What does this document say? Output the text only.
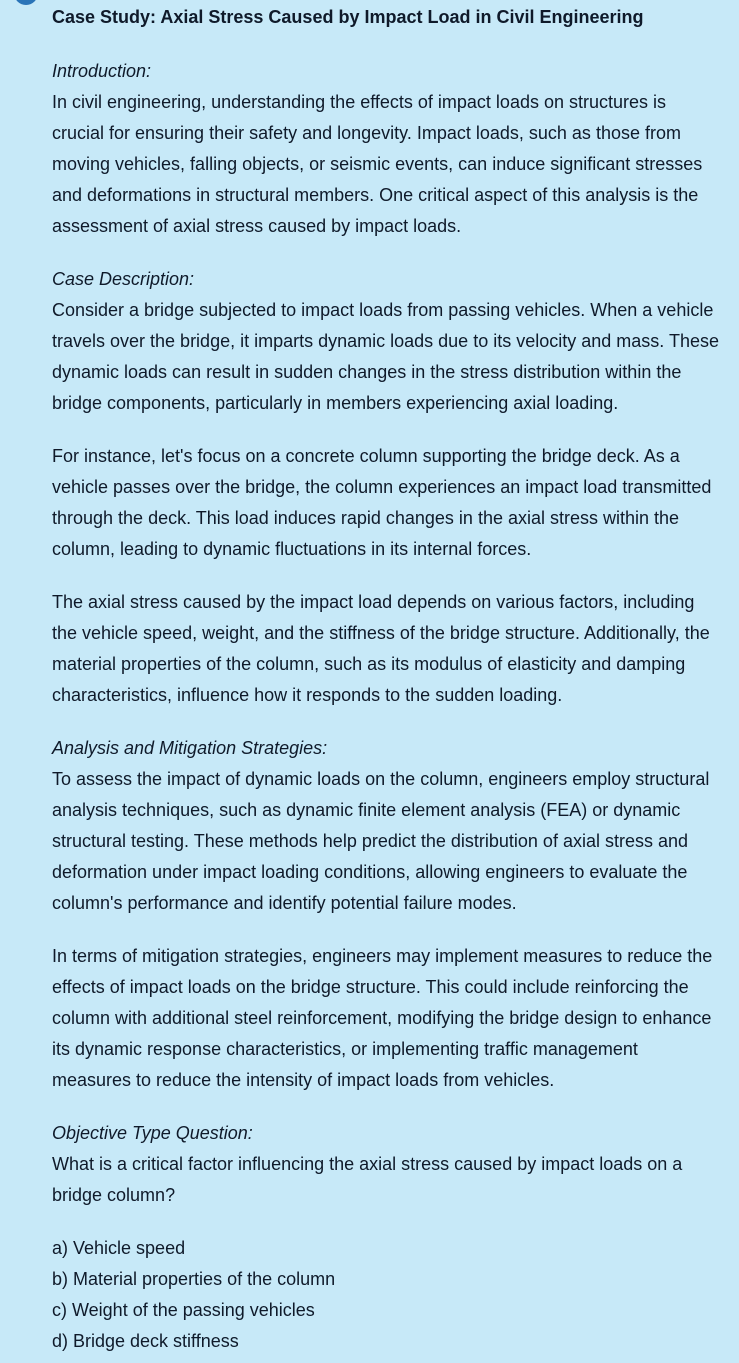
Case Study: Axial Stress Caused by Impact Load in Civil Engineering
Introduction:
In civil engineering, understanding the effects of impact loads on structures is crucial for ensuring their safety and longevity. Impact loads, such as those from moving vehicles, falling objects, or seismic events, can induce significant stresses and deformations in structural members. One critical aspect of this analysis is the assessment of axial stress caused by impact loads.
Case Description:
Consider a bridge subjected to impact loads from passing vehicles. When a vehicle travels over the bridge, it imparts dynamic loads due to its velocity and mass. These dynamic loads can result in sudden changes in the stress distribution within the bridge components, particularly in members experiencing axial loading.
For instance, let's focus on a concrete column supporting the bridge deck. As a vehicle passes over the bridge, the column experiences an impact load transmitted through the deck. This load induces rapid changes in the axial stress within the column, leading to dynamic fluctuations in its internal forces.
The axial stress caused by the impact load depends on various factors, including the vehicle speed, weight, and the stiffness of the bridge structure. Additionally, the material properties of the column, such as its modulus of elasticity and damping characteristics, influence how it responds to the sudden loading.
Analysis and Mitigation Strategies:
To assess the impact of dynamic loads on the column, engineers employ structural analysis techniques, such as dynamic finite element analysis (FEA) or dynamic structural testing. These methods help predict the distribution of axial stress and deformation under impact loading conditions, allowing engineers to evaluate the column's performance and identify potential failure modes.
In terms of mitigation strategies, engineers may implement measures to reduce the effects of impact loads on the bridge structure. This could include reinforcing the column with additional steel reinforcement, modifying the bridge design to enhance its dynamic response characteristics, or implementing traffic management measures to reduce the intensity of impact loads from vehicles.
Objective Type Question:
What is a critical factor influencing the axial stress caused by impact loads on a bridge column?
a) Vehicle speed
b) Material properties of the column
c) Weight of the passing vehicles
d) Bridge deck stiffness
